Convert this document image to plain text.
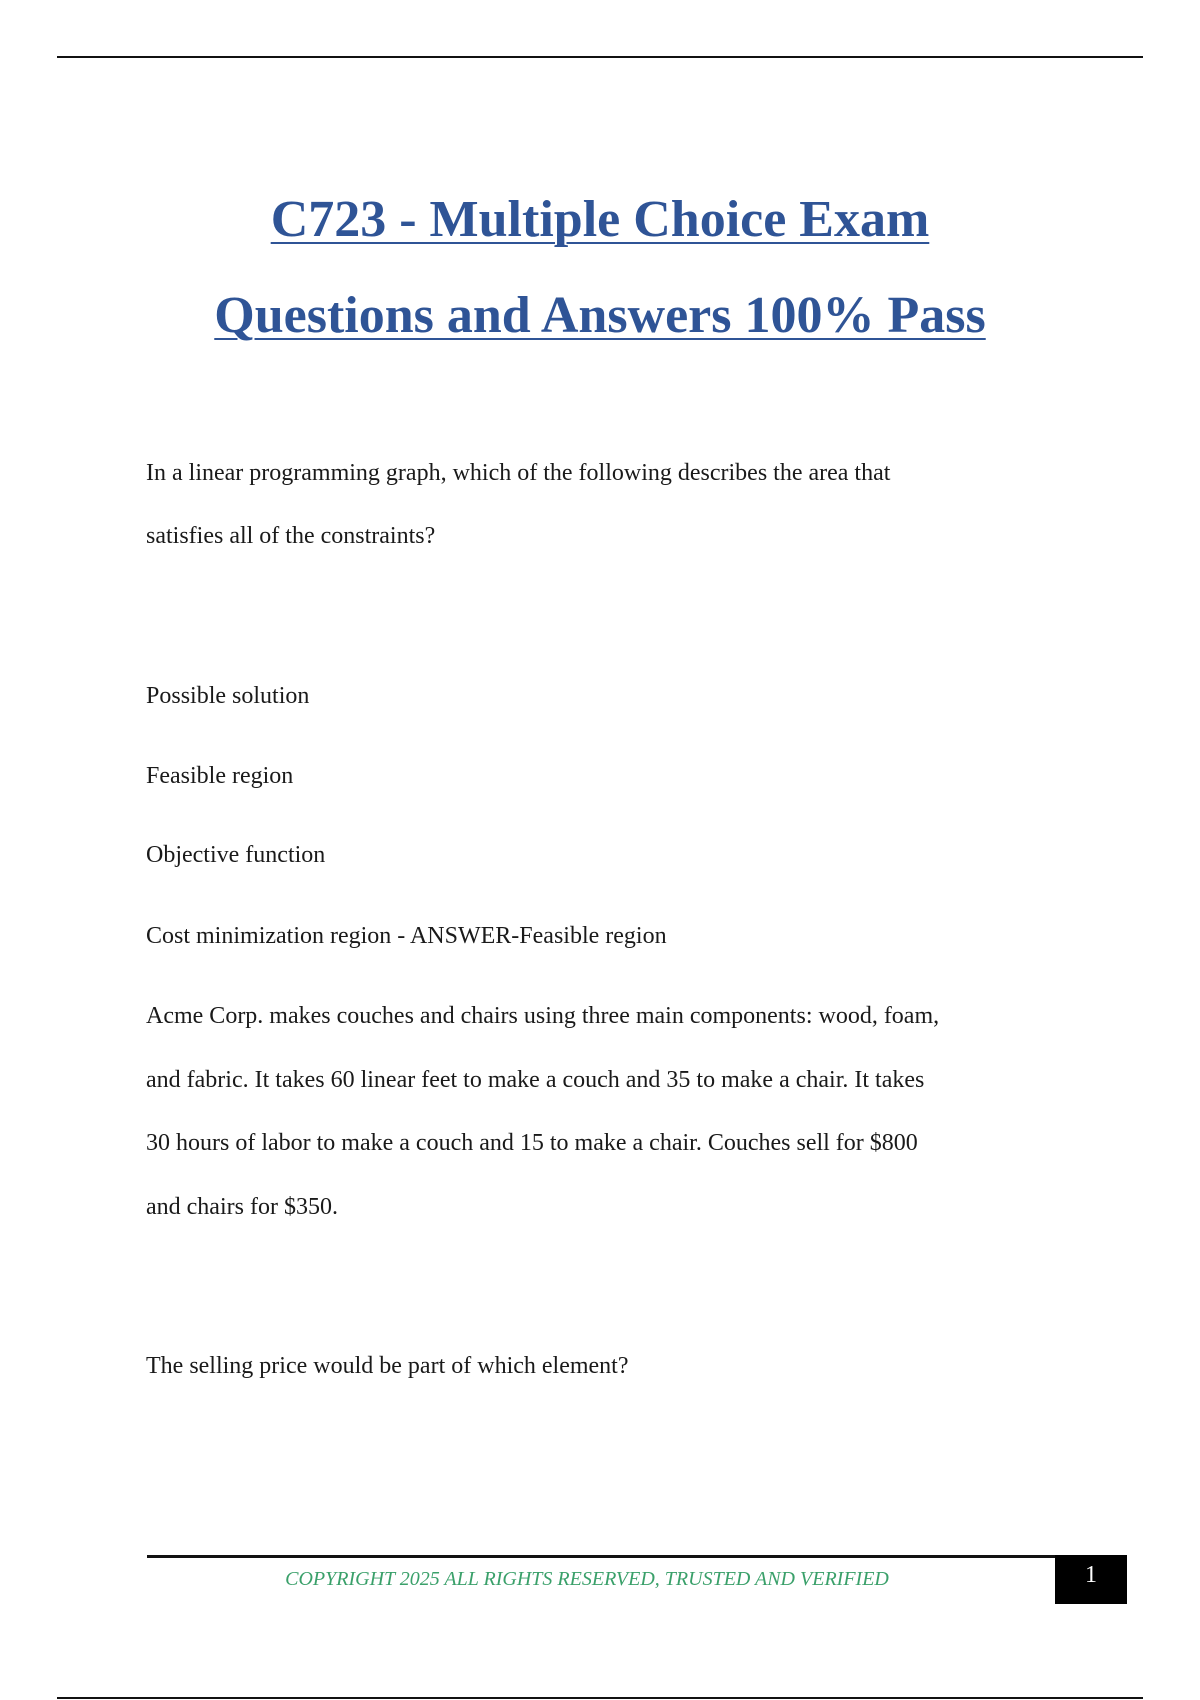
C723 - Multiple Choice Exam
Questions and Answers 100% Pass
In a linear programming graph, which of the following describes the area that
satisfies all of the constraints?
Possible solution
Feasible region
Objective function
Cost minimization region - ANSWER-Feasible region
Acme Corp. makes couches and chairs using three main components: wood, foam,
and fabric. It takes 60 linear feet to make a couch and 35 to make a chair. It takes
30 hours of labor to make a couch and 15 to make a chair. Couches sell for $800
and chairs for $350.
The selling price would be part of which element?
COPYRIGHT 2025 ALL RIGHTS RESERVED, TRUSTED AND VERIFIED	1
